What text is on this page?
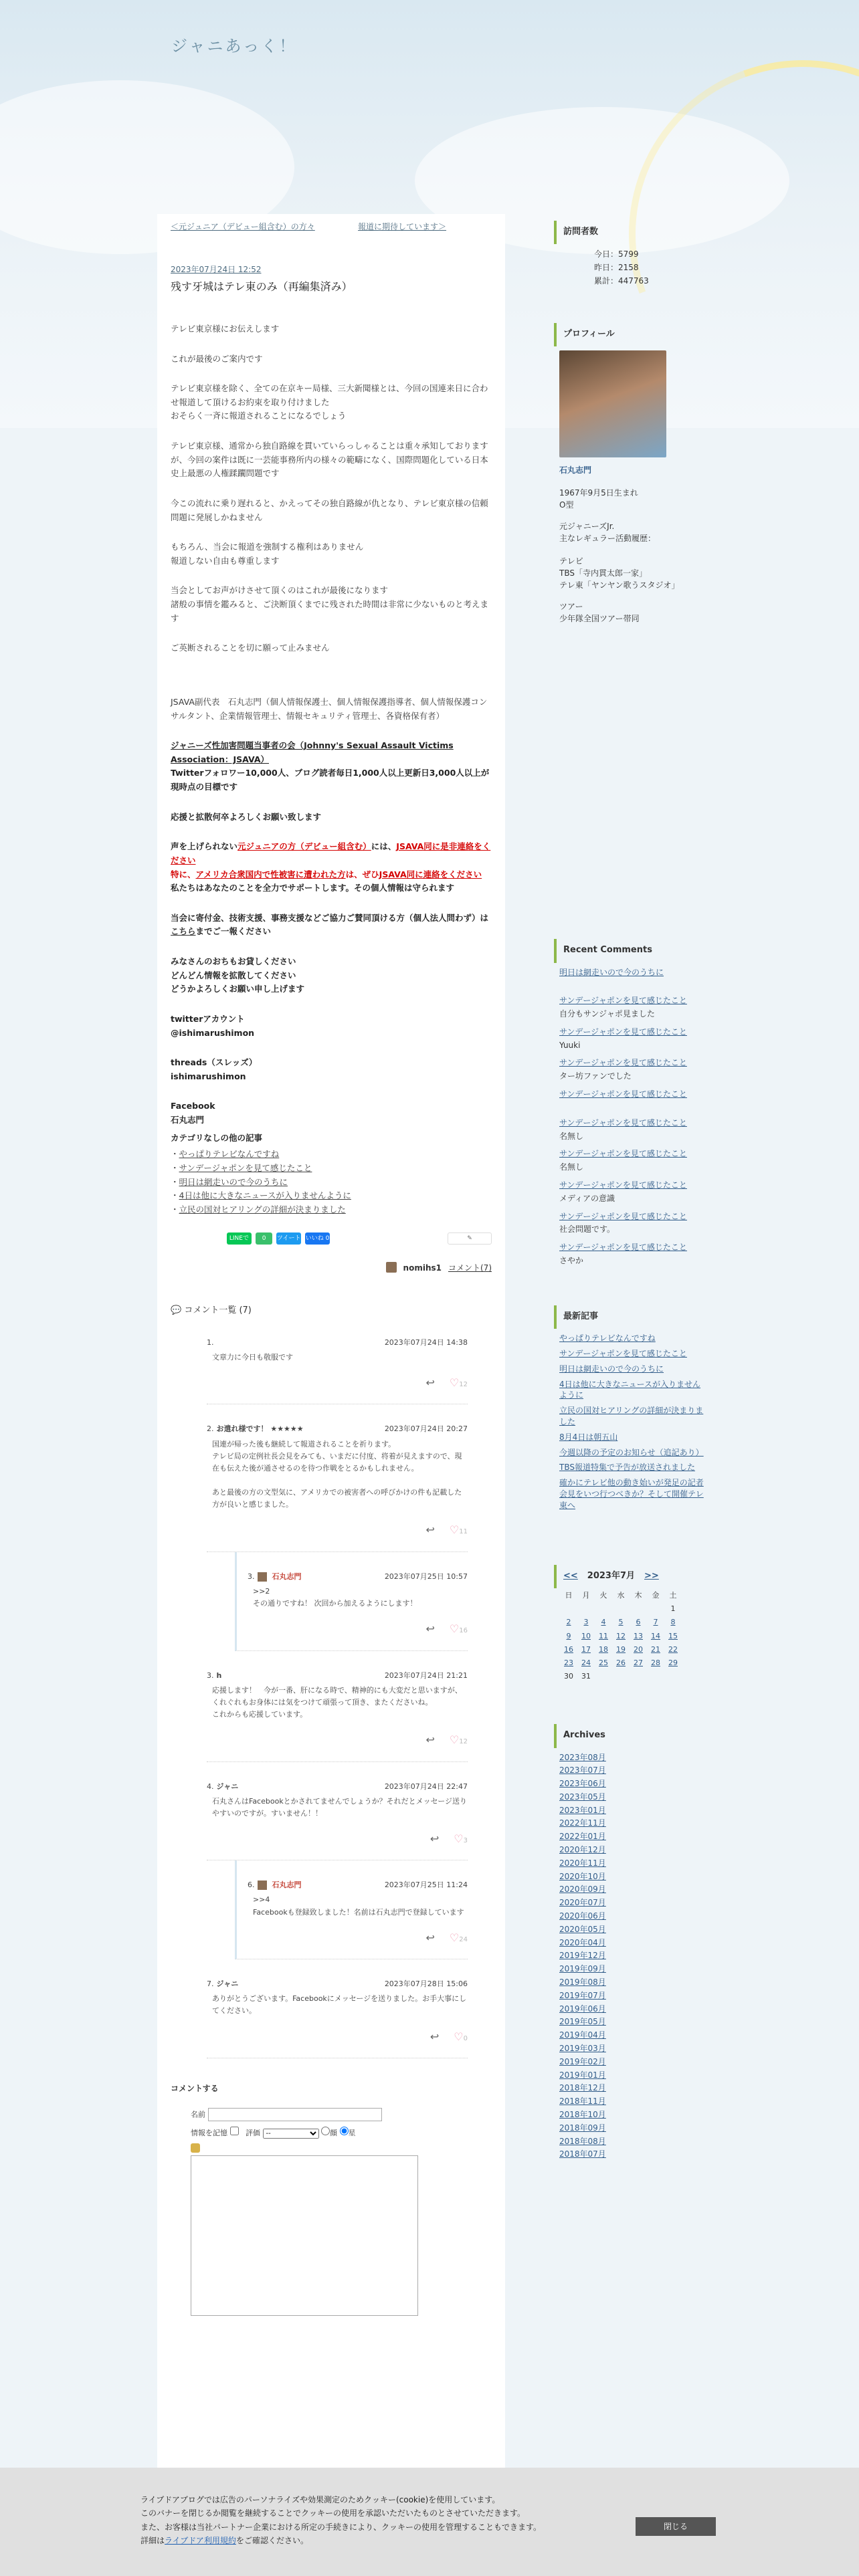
ジャニあっく！
＜元ジュニア（デビュー組含む）の方々	報道に期待しています＞
2023年07月24日 12:52
残す牙城はテレ東のみ（再編集済み）

テレビ東京様にお伝えします

これが最後のご案内です

テレビ東京様を除く、全ての在京キー局様、三大新聞様とは、今回の国連来日に合わせ報道して頂けるお約束を取り付けました
おそらく一斉に報道されることになるでしょう

テレビ東京様、通常から独自路線を貫いていらっしゃることは重々承知しておりますが、今回の案件は既に一芸能事務所内の様々の範疇になく、国際問題化している日本史上最悪の人権蹂躙問題です

今この流れに乗り遅れると、かえってその独自路線が仇となり、テレビ東京様の信頼問題に発展しかねません

もちろん、当会に報道を強制する権利はありません
報道しない自由も尊重します

当会としてお声がけさせて頂くのはこれが最後になります
諸般の事情を鑑みると、ご決断頂くまでに残された時間は非常に少ないものと考えます

ご英断されることを切に願って止みません

JSAVA副代表　石丸志門（個人情報保護士、個人情報保護指導者、個人情報保護コンサルタント、企業情報管理士、情報セキュリティ管理士、各資格保有者）

ジャニーズ性加害問題当事者の会（Johnny's Sexual Assault Victims Association：JSAVA）

Twitterフォロワー10,000人、ブログ読者毎日1,000人以上更新日3,000人以上が現時点の目標です

応援と拡散何卒よろしくお願い致します

声を上げられない元ジュニアの方（デビュー組含む）には、JSAVA同に是非連絡をください

特に、アメリカ合衆国内で性被害に遭われた方は、ぜひJSAVA同に連絡をください

私たちはあなたのことを全力でサポートします。その個人情報は守られます

当会に寄付金、技術支援、事務支援などご協力ご賛同頂ける方（個人法人問わず）はこちらまでご一報ください

みなさんのおちもお貸しください
どんどん情報を拡散してください
どうかよろしくお願い申し上げます

twitterアカウント
@ishimarushimon

threads（スレッズ）
ishimarushimon

Facebook
石丸志門

カテゴリなしの他の記事

・やっぱりテレビなんですね
・サンデージャポンを見て感じたこと
・明日は網走いので今のうちに
・4日は他に大きなニュースが入りませんように
・立民の国対ヒアリングの詳細が決まりました
LINEで	0	ツイート いいね 0	✎ 1,084
nomihs1 コメント(7)
💬 コメント一覧 (7)
1.	2023年07月24日 14:38
文章力に今日も敬服です
↩ ♡12
2. お遣れ様です！ ★★★★★	2023年07月24日 20:27
国連が帰った後も継続して報道されることを祈ります。
テレビ局の定例社長会見をみても、いまだに付度、将着が見えますので、現在も伝えた後が通させるのを待つ作戦をとるかもしれません。

あと最後の方の文型気に、アメリカでの被害者への呼びかけの件も記載した方が良いと感じました。
↩ ♡11
3. 石丸志門	2023年07月25日 10:57
>>2
その通りですね！ 次回から加えるようにします！
↩ ♡16
3. h	2023年07月24日 21:21
応援します！　今が一番、肝になる時で、精神的にも大変だと思いますが、くれぐれもお身体には気をつけて頑張って頂き、またくださいね。
これからも応援しています。
↩ ♡12
4. ジャニ	2023年07月24日 22:47
石丸さんはFacebookとかされてませんでしょうか？それだとメッセージ送りやすいのですが。すいません！！
↩ ♡3
6. 石丸志門	2023年07月25日 11:24
>>4
Facebookも登録致しました！名前は石丸志門で登録しています
↩ ♡24
7. ジャニ	2023年07月28日 15:06
ありがとうございます。Facebookにメッセージを送りました。お手大事にしてください。
↩ ♡0
コメントする
名前
情報を記憶 評価
--	顔 星
訪問者数
今日：5799
昨日：2158
累計：447763
プロフィール
石丸志門
1967年9月5日生まれ
O型
元ジャニーズJr.
主なレギュラー活動履歴：
テレビ
TBS「寺内貫太郎一家」
テレ東「ヤンヤン歌うスタジオ」
ツアー
少年隊全国ツアー帯同
Recent Comments
明日は網走いので今のうちに
サンデージャポンを見て感じたこと
自分もサンジャポ見ました
サンデージャポンを見て感じたこと
Yuuki
サンデージャポンを見て感じたこと
ター坊ファンでした
サンデージャポンを見て感じたこと
サンデージャポンを見て感じたこと
名無し
サンデージャポンを見て感じたこと
名無し
サンデージャポンを見て感じたこと
メディアの意識
サンデージャポンを見て感じたこと
社会問題です。
サンデージャポンを見て感じたこと
さやか
最新記事
やっぱりテレビなんですね
サンデージャポンを見て感じたこと
明日は網走いので今のうちに
4日は他に大きなニュースが入りませんように
立民の国対ヒアリングの詳細が決まりました
8月4日は朝五山
今週以降の予定のお知らせ（追記あり）
TBS報道特集で予告が放送されました
確かにテレビ他の動き始いが発足の記者会見をいつ行つべきか？そして開催テレ東へ
<< 2023年7月 >>
日	月	火	水	木	金	土
						1
2	3	4	5	6	7	8
9	10	11	12	13	14	15
16	17	18	19	20	21	22
23	24	25	26	27	28	29
30	31					
Archives
2023年08月
2023年07月
2023年06月
2023年05月
2023年01月
2022年11月
2022年01月
2020年12月
2020年11月
2020年10月
2020年09月
2020年07月
2020年06月
2020年05月
2020年04月
2019年12月
2019年09月
2019年08月
2019年07月
2019年06月
2019年05月
2019年04月
2019年03月
2019年02月
2019年01月
2018年12月
2018年11月
2018年10月
2018年09月
2018年08月
2018年07月
ライブドアブログでは広告のパーソナライズや効果測定のためクッキー(cookie)を使用しています。
このバナーを閉じるか閲覧を継続することでクッキーの使用を承認いただいたものとさせていただきます。
また、お客様は当社パートナー企業における所定の手続きにより、クッキーの使用を管理することもできます。
詳細はライブドア利用規約をご確認ください。
閉じる
